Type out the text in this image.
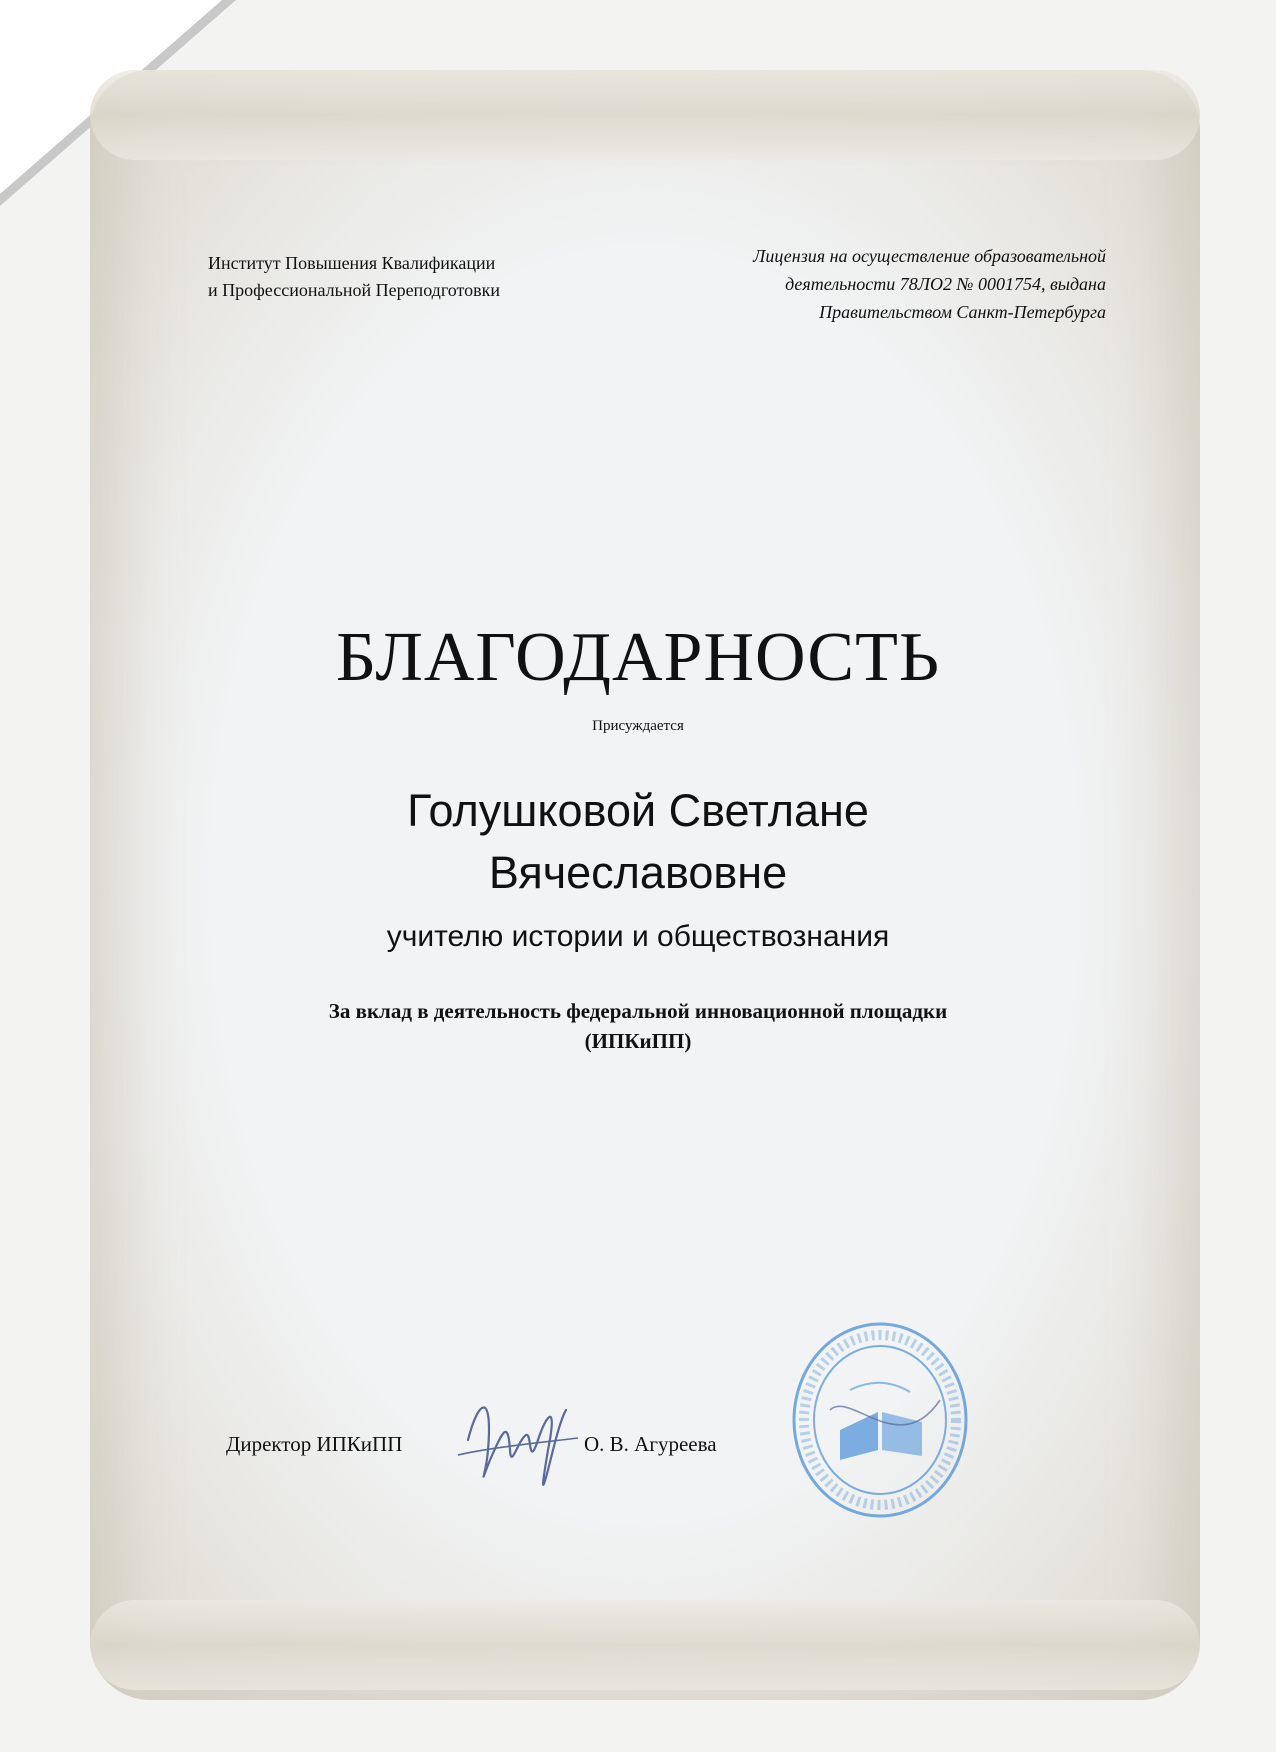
Институт Повышения Квалификации
и Профессиональной Переподготовки
Лицензия на осуществление образовательной
деятельности 78ЛО2 № 0001754, выдана
Правительством Санкт-Петербурга
БЛАГОДАРНОСТЬ
Присуждается
Голушковой Светлане
Вячеславовне
учителю истории и обществознания
За вклад в деятельность федеральной инновационной площадки
(ИПКиПП)
Директор ИПКиПП	О. В. Агуреева
